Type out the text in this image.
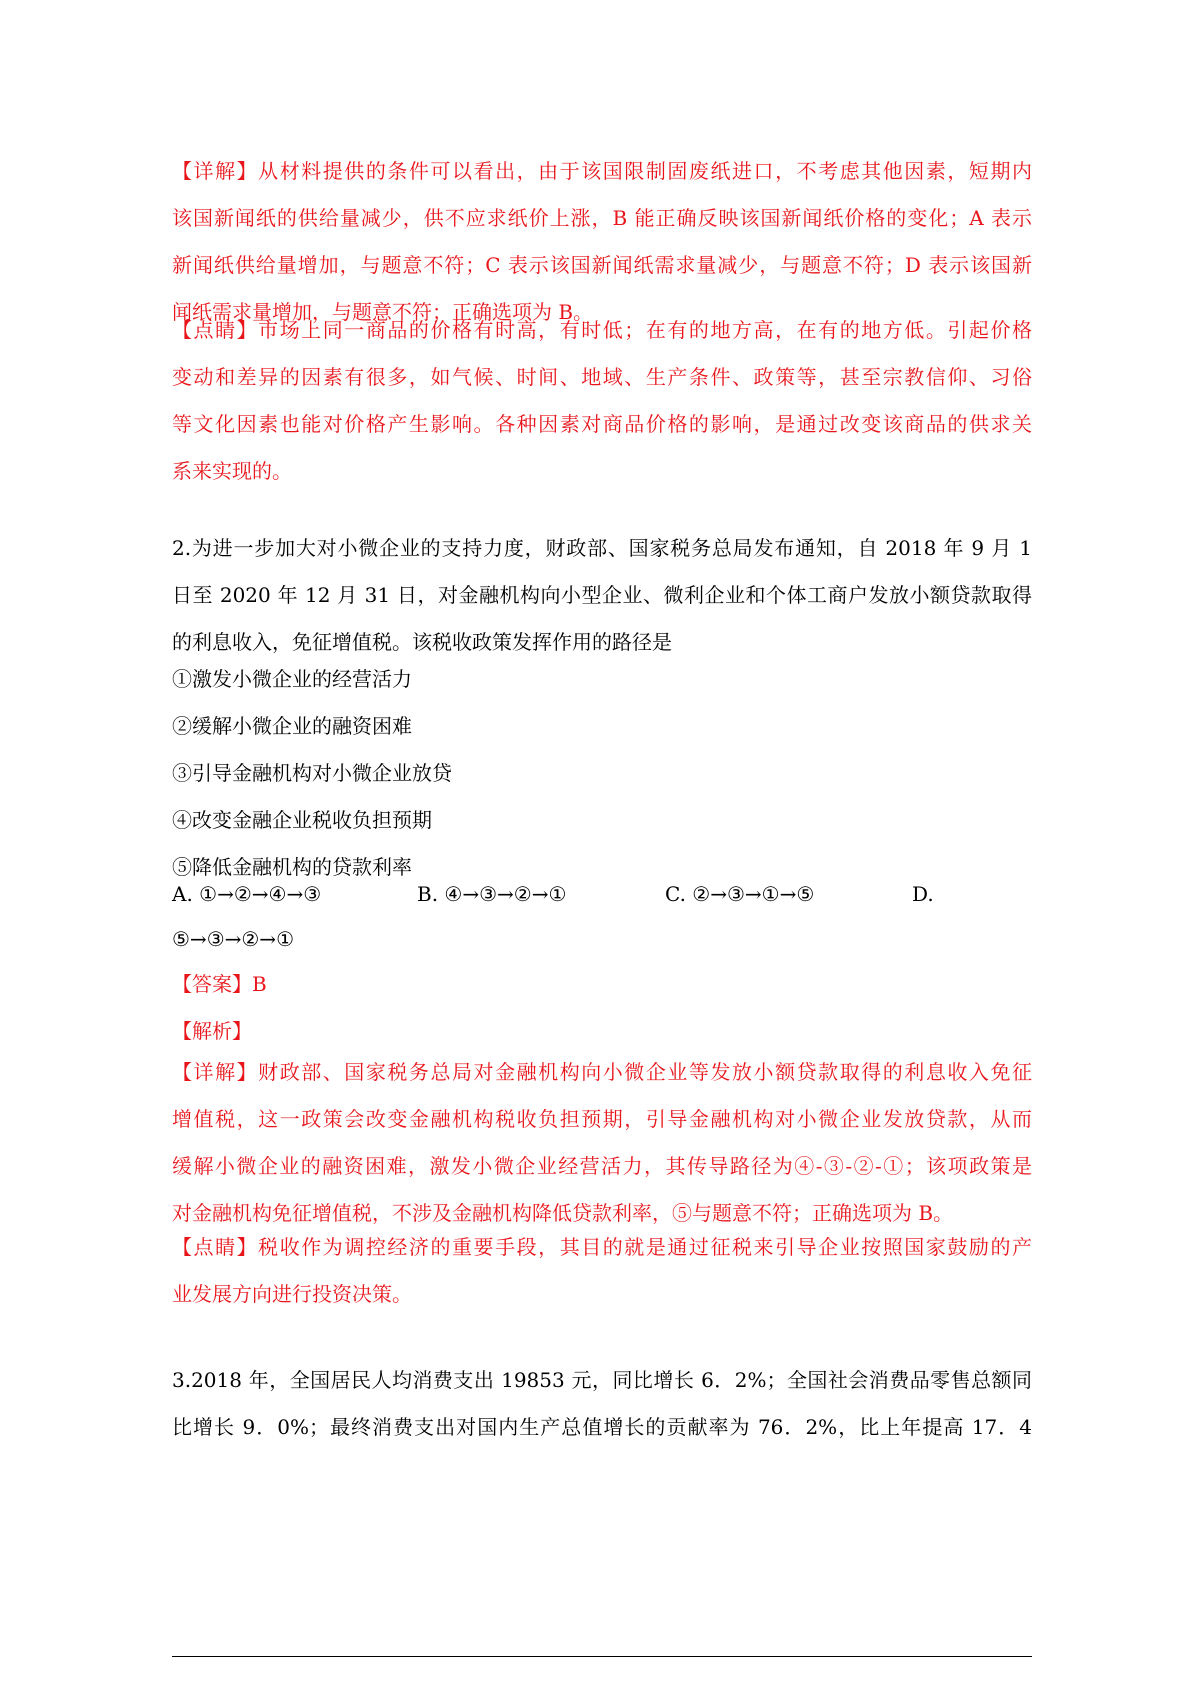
【详解】从材料提供的条件可以看出，由于该国限制固废纸进口，不考虑其他因素，短期内
该国新闻纸的供给量减少，供不应求纸价上涨，B 能正确反映该国新闻纸价格的变化；A 表示
新闻纸供给量增加，与题意不符；C 表示该国新闻纸需求量减少，与题意不符；D 表示该国新
闻纸需求量增加，与题意不符；正确选项为 B。
【点睛】市场上同一商品的价格有时高，有时低；在有的地方高，在有的地方低。引起价格
变动和差异的因素有很多，如气候、时间、地域、生产条件、政策等，甚至宗教信仰、习俗
等文化因素也能对价格产生影响。各种因素对商品价格的影响，是通过改变该商品的供求关
系来实现的。
2.为进一步加大对小微企业的支持力度，财政部、国家税务总局发布通知，自 2018 年 9 月 1
日至 2020 年 12 月 31 日，对金融机构向小型企业、微利企业和个体工商户发放小额贷款取得
的利息收入，免征增值税。该税收政策发挥作用的路径是
①激发小微企业的经营活力
②缓解小微企业的融资困难
③引导金融机构对小微企业放贷
④改变金融企业税收负担预期
⑤降低金融机构的贷款利率
A. ①→②→④→③	B. ④→③→②→①	C. ②→③→①→⑤	D.
⑤→③→②→①
【答案】B
【解析】
【详解】财政部、国家税务总局对金融机构向小微企业等发放小额贷款取得的利息收入免征
增值税，这一政策会改变金融机构税收负担预期，引导金融机构对小微企业发放贷款，从而
缓解小微企业的融资困难，激发小微企业经营活力，其传导路径为④-③-②-①；该项政策是
对金融机构免征增值税，不涉及金融机构降低贷款利率，⑤与题意不符；正确选项为 B。
【点睛】税收作为调控经济的重要手段，其目的就是通过征税来引导企业按照国家鼓励的产
业发展方向进行投资决策。
3.2018 年，全国居民人均消费支出 19853 元，同比增长 6．2%；全国社会消费品零售总额同
比增长 9．0%；最终消费支出对国内生产总值增长的贡献率为 76．2%，比上年提高 17．4
